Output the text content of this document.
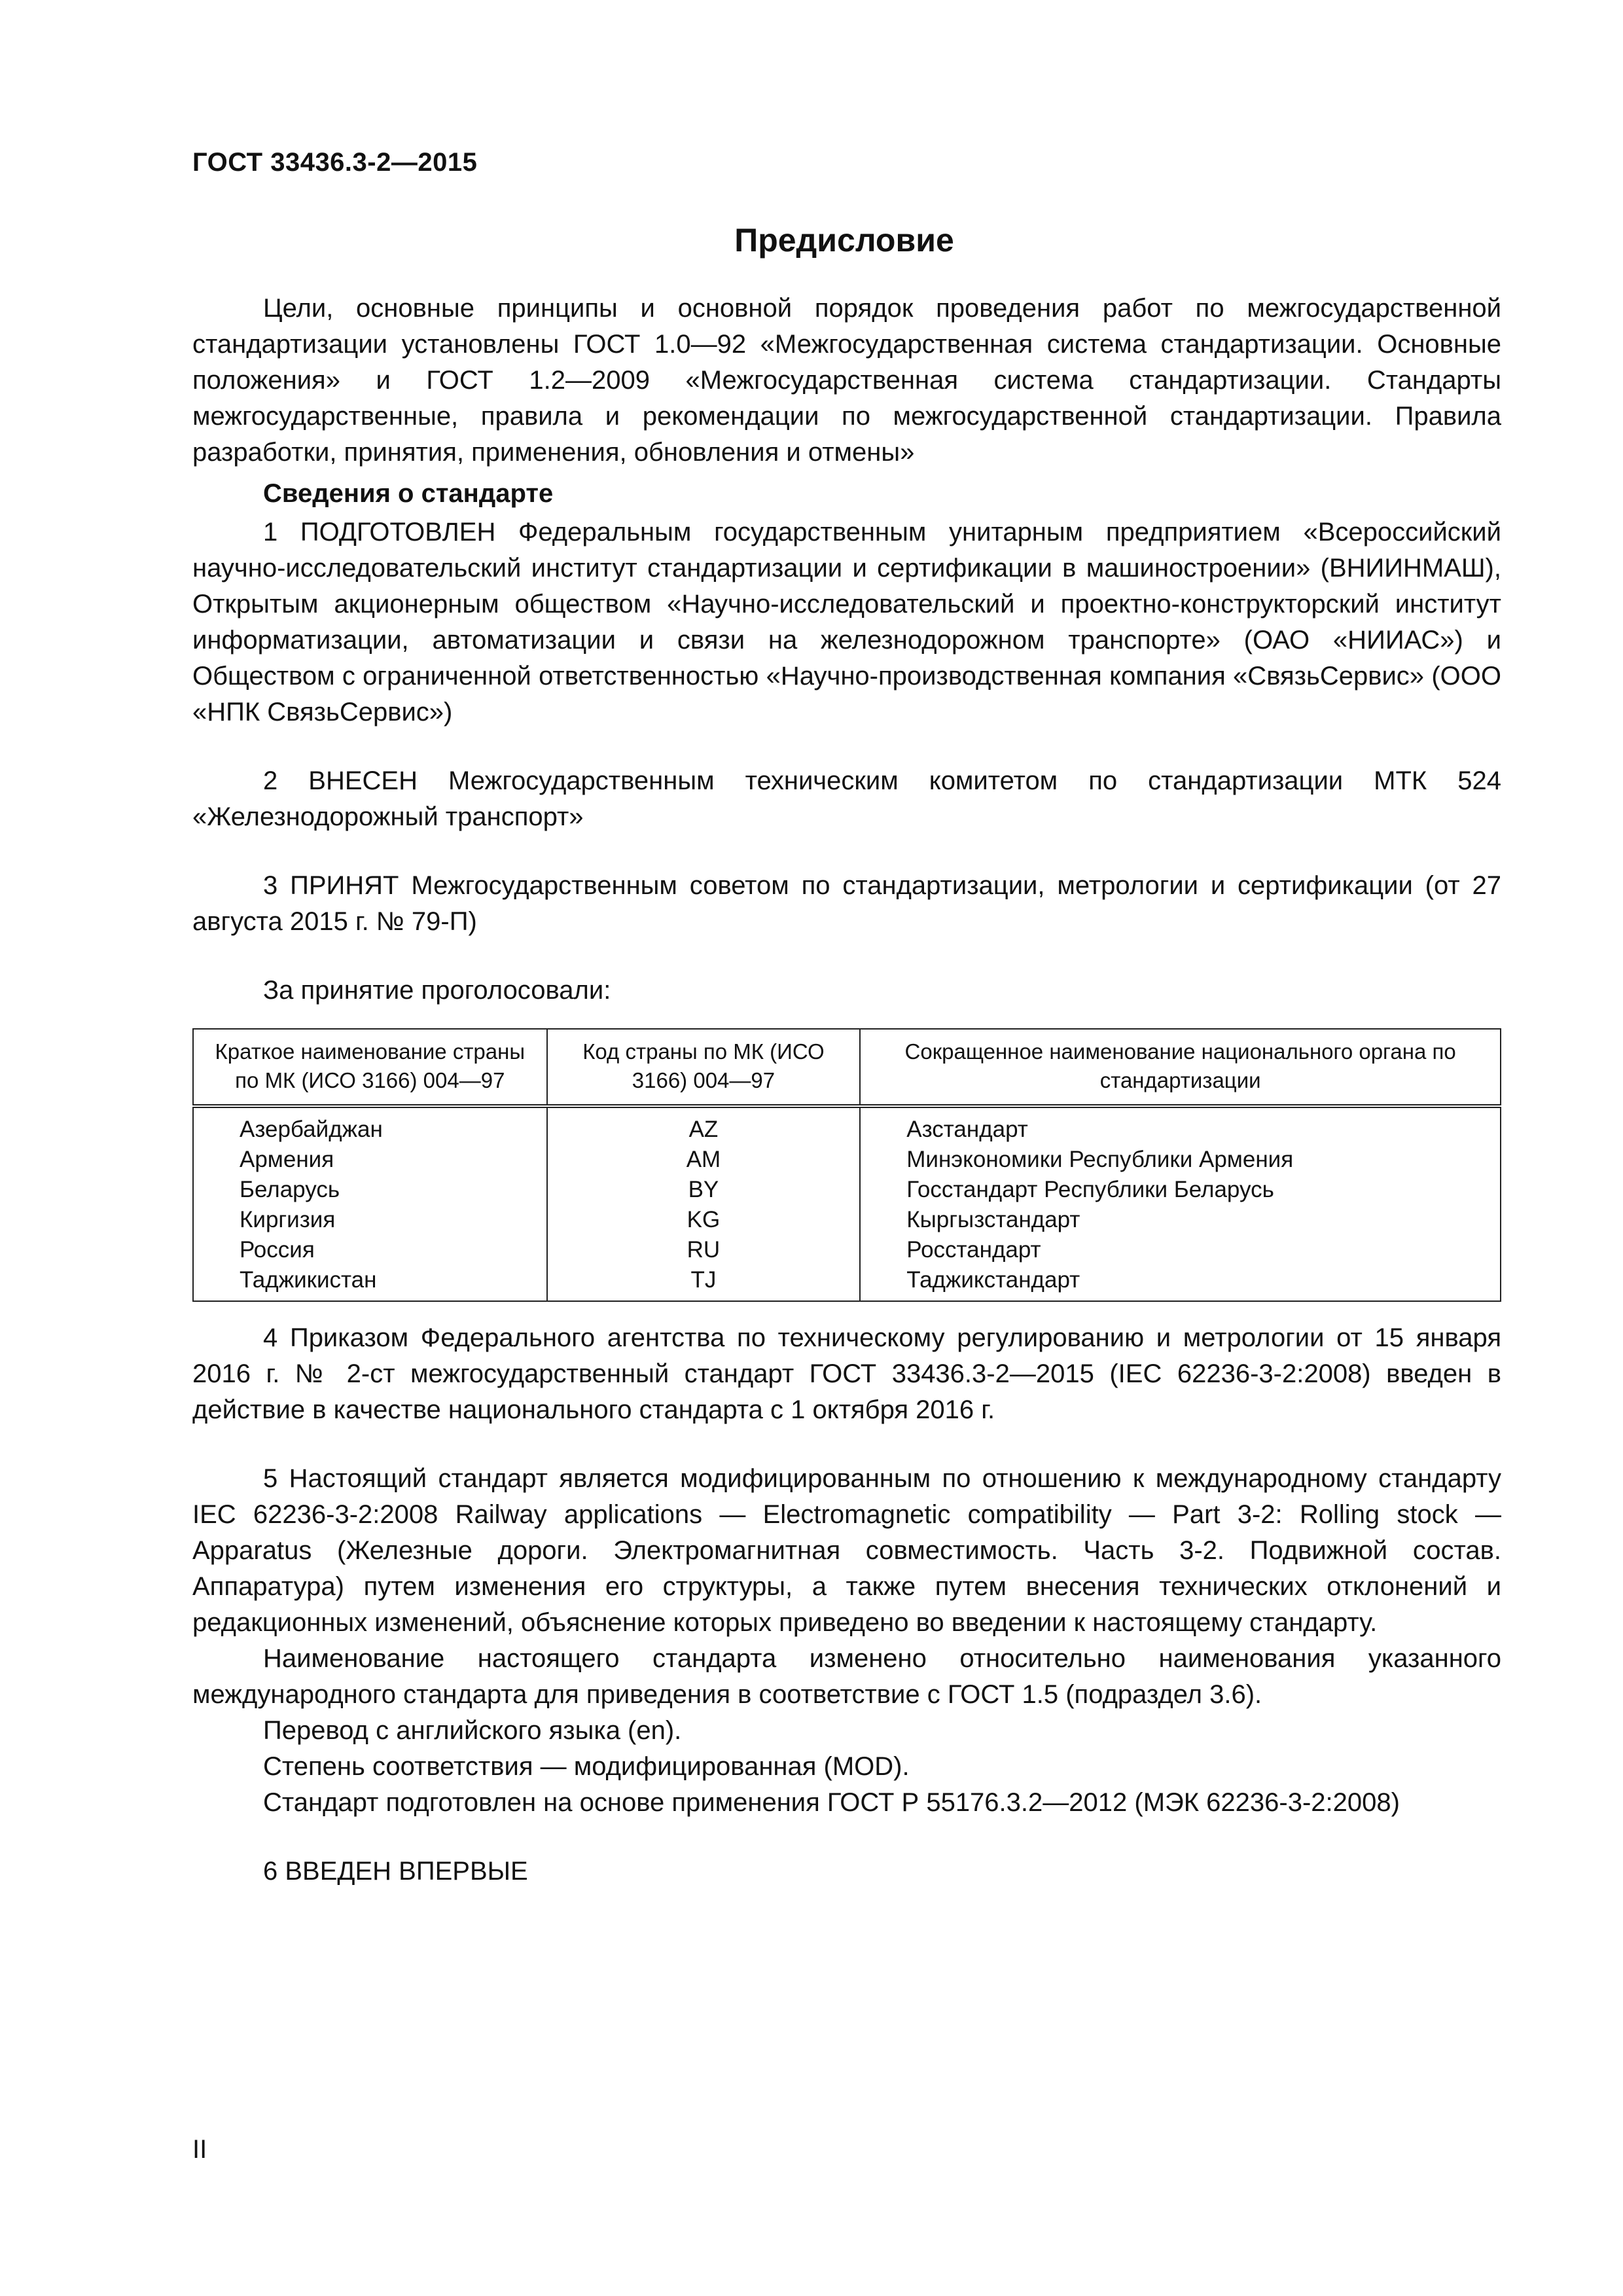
ГОСТ 33436.3-2—2015
Предисловие

Цели, основные принципы и основной порядок проведения работ по межгосударственной стандартизации установлены ГОСТ 1.0—92 «Межгосударственная система стандартизации. Основные положения» и ГОСТ 1.2—2009 «Межгосударственная система стандартизации. Стандарты межгосударственные, правила и рекомендации по межгосударственной стандартизации. Правила разработки, принятия, применения, обновления и отмены»

Сведения о стандарте

1 ПОДГОТОВЛЕН Федеральным государственным унитарным предприятием «Всероссийский научно-исследовательский институт стандартизации и сертификации в машиностроении» (ВНИИНМАШ), Открытым акционерным обществом «Научно-исследовательский и проектно-конструкторский институт информатизации, автоматизации и связи на железнодорожном транспорте» (ОАО «НИИАС») и Обществом с ограниченной ответственностью «Научно-производственная компания «СвязьСервис» (ООО «НПК СвязьСервис»)

2 ВНЕСЕН Межгосударственным техническим комитетом по стандартизации МТК 524 «Железнодорожный транспорт»

3 ПРИНЯТ Межгосударственным советом по стандартизации, метрологии и сертификации (от 27 августа 2015 г. № 79-П)

За принятие проголосовали:

Краткое наименование страны по МК (ИСО 3166) 004—97	Код страны по МК (ИСО 3166) 004—97	Сокращенное наименование национального органа по стандартизации
Азербайджан	AZ	Азстандарт
Армения	AM	Минэкономики Республики Армения
Беларусь	BY	Госстандарт Республики Беларусь
Киргизия	KG	Кыргызстандарт
Россия	RU	Росстандарт
Таджикистан	TJ	Таджикстандарт

4 Приказом Федерального агентства по техническому регулированию и метрологии от 15 января 2016 г. № 2-ст межгосударственный стандарт ГОСТ 33436.3-2—2015 (IEC 62236-3-2:2008) введен в действие в качестве национального стандарта с 1 октября 2016 г.

5 Настоящий стандарт является модифицированным по отношению к международному стандарту IEC 62236-3-2:2008 Railway applications — Electromagnetic compatibility — Part 3-2: Rolling stock — Apparatus (Железные дороги. Электромагнитная совместимость. Часть 3-2. Подвижной состав. Аппаратура) путем изменения его структуры, а также путем внесения технических отклонений и редакционных изменений, объяснение которых приведено во введении к настоящему стандарту.

Наименование настоящего стандарта изменено относительно наименования указанного международного стандарта для приведения в соответствие с ГОСТ 1.5 (подраздел 3.6).

Перевод с английского языка (en).

Степень соответствия — модифицированная (MOD).

Стандарт подготовлен на основе применения ГОСТ Р 55176.3.2—2012 (МЭК 62236-3-2:2008)

6 ВВЕДЕН ВПЕРВЫЕ

II
